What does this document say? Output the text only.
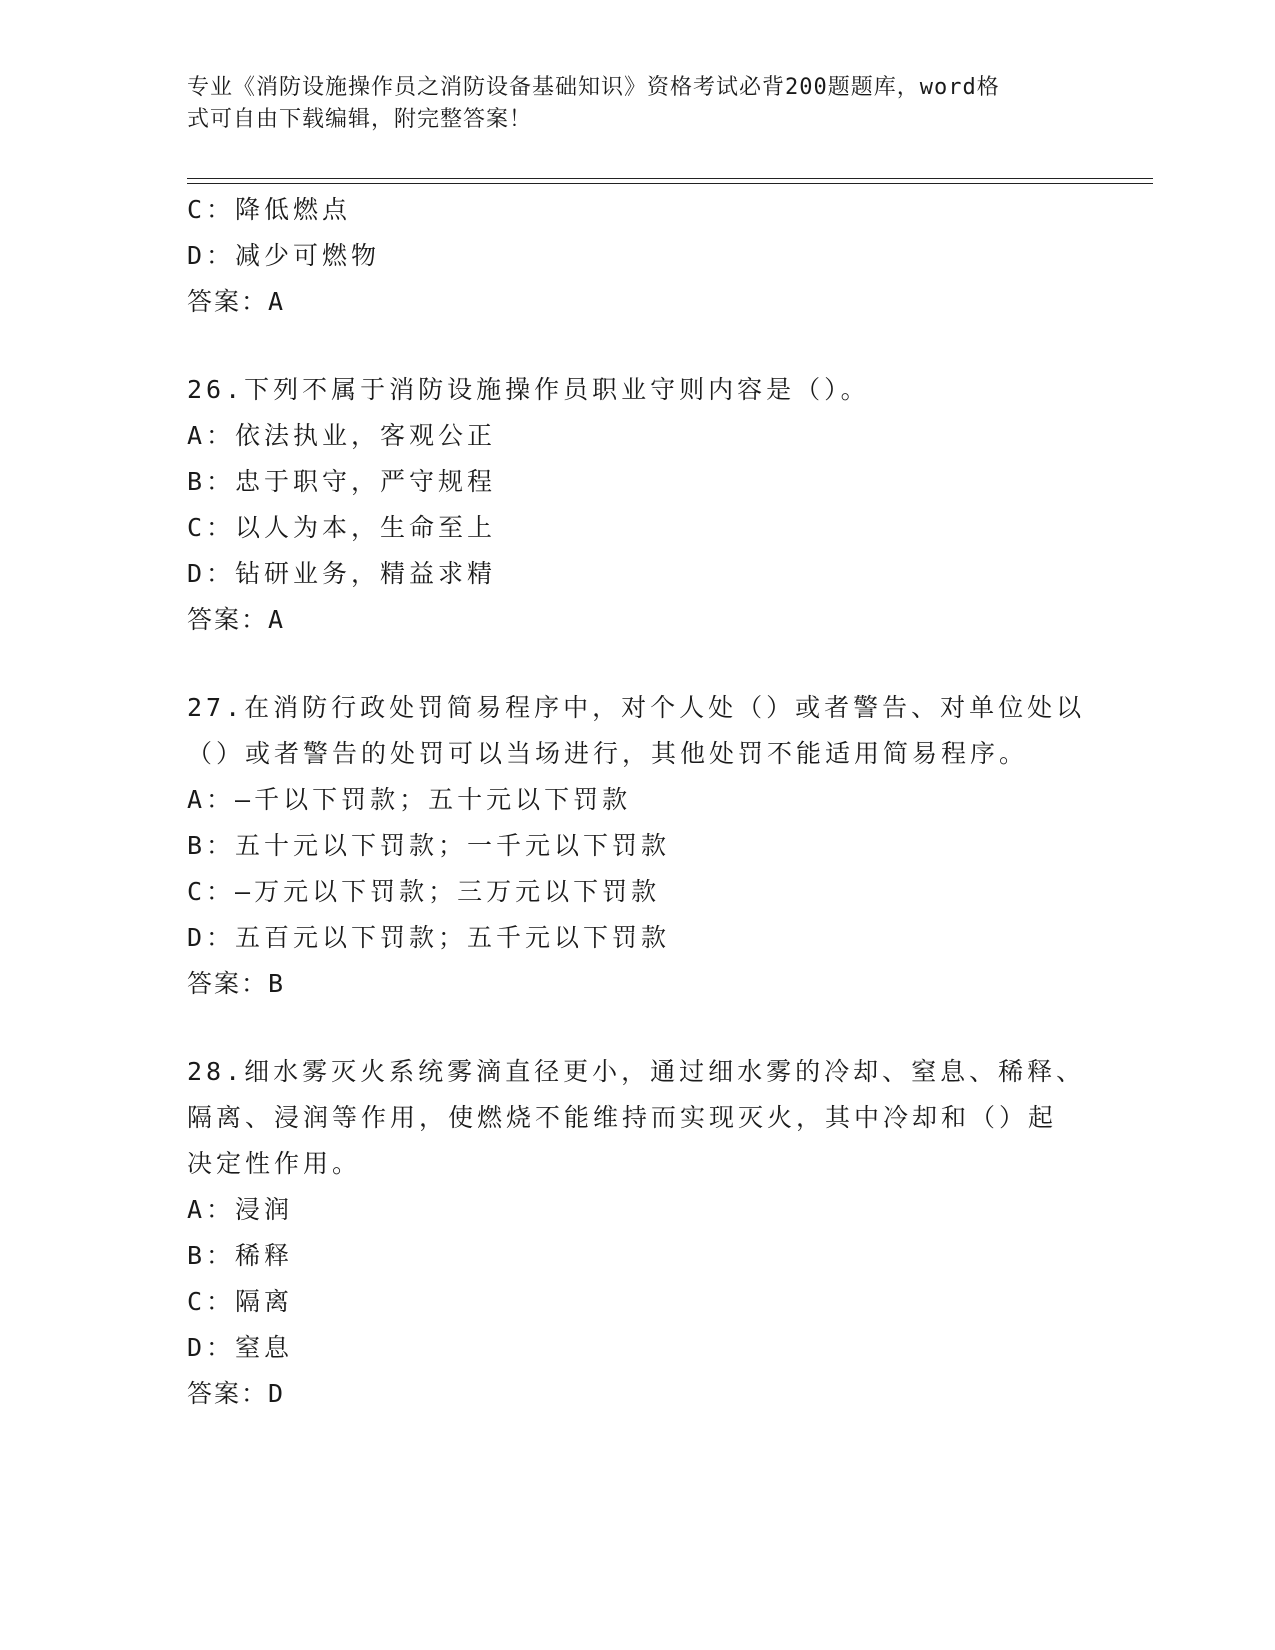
专业《消防设施操作员之消防设备基础知识》资格考试必背200题题库，word格
式可自由下载编辑，附完整答案！
C：降低燃点
D：减少可燃物
答案：A
26.下列不属于消防设施操作员职业守则内容是（）。
A：依法执业，客观公正
B：忠于职守，严守规程
C：以人为本，生命至上
D：钻研业务，精益求精
答案：A
27.在消防行政处罚简易程序中，对个人处（）或者警告、对单位处以
（）或者警告的处罚可以当场进行，其他处罚不能适用简易程序。
A：—千以下罚款；五十元以下罚款
B：五十元以下罚款；一千元以下罚款
C：—万元以下罚款；三万元以下罚款
D：五百元以下罚款；五千元以下罚款
答案：B
28.细水雾灭火系统雾滴直径更小，通过细水雾的冷却、窒息、稀释、
隔离、浸润等作用，使燃烧不能维持而实现灭火，其中冷却和（）起
决定性作用。
A：浸润
B：稀释
C：隔离
D：窒息
答案：D
